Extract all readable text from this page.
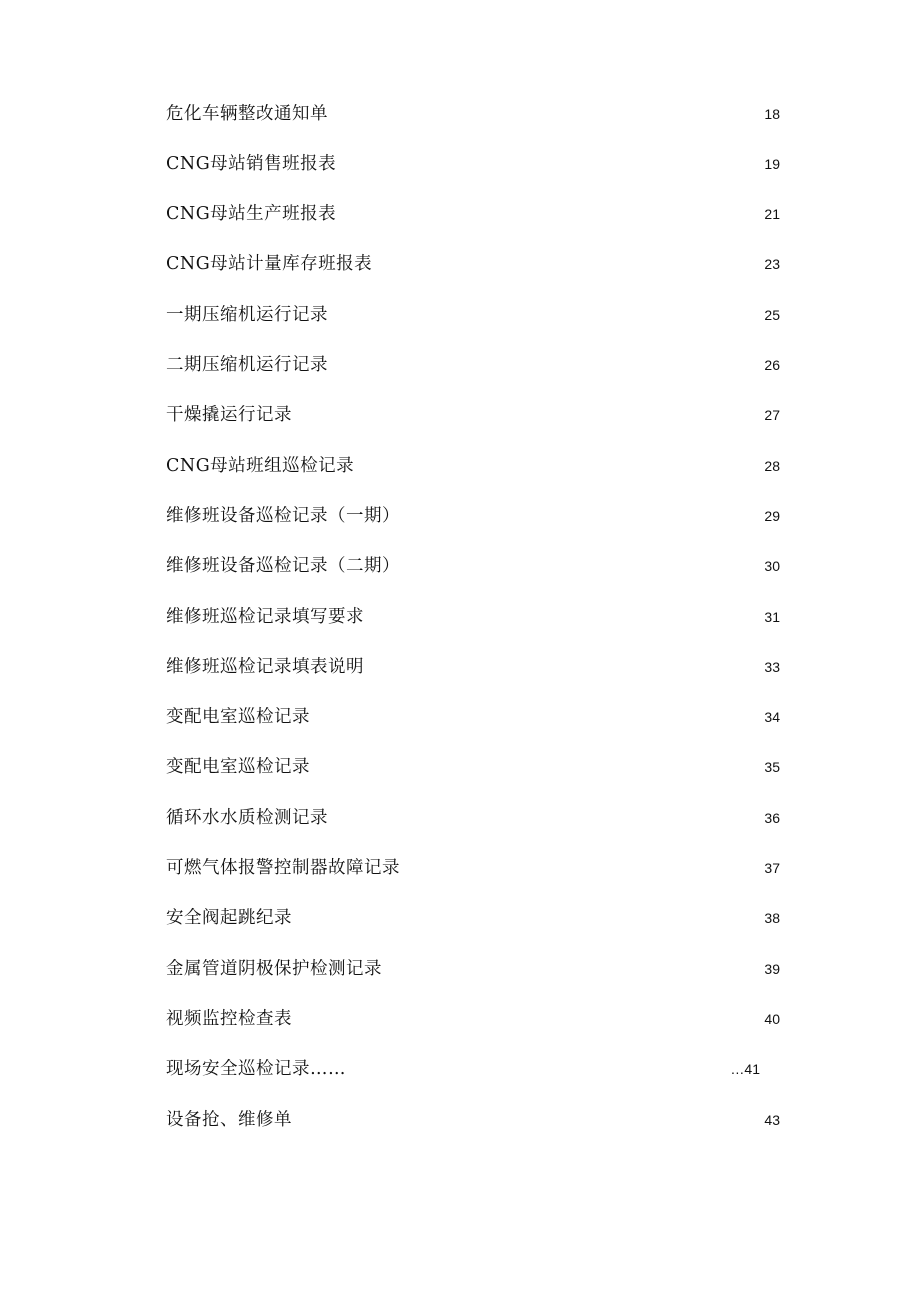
危化车辆整改通知单	18
CNG母站销售班报表	19
CNG母站生产班报表	21
CNG母站计量库存班报表	23
一期压缩机运行记录	25
二期压缩机运行记录	26
干燥撬运行记录	27
CNG母站班组巡检记录	28
维修班设备巡检记录（一期）	29
维修班设备巡检记录（二期）	30
维修班巡检记录填写要求	31
维修班巡检记录填表说明	33
变配电室巡检记录	34
变配电室巡检记录	35
循环水水质检测记录	36
可燃气体报警控制器故障记录	37
安全阀起跳纪录	38
金属管道阴极保护检测记录	39
视频监控检查表	40
现场安全巡检记录……	…41
设备抢、维修单	43
